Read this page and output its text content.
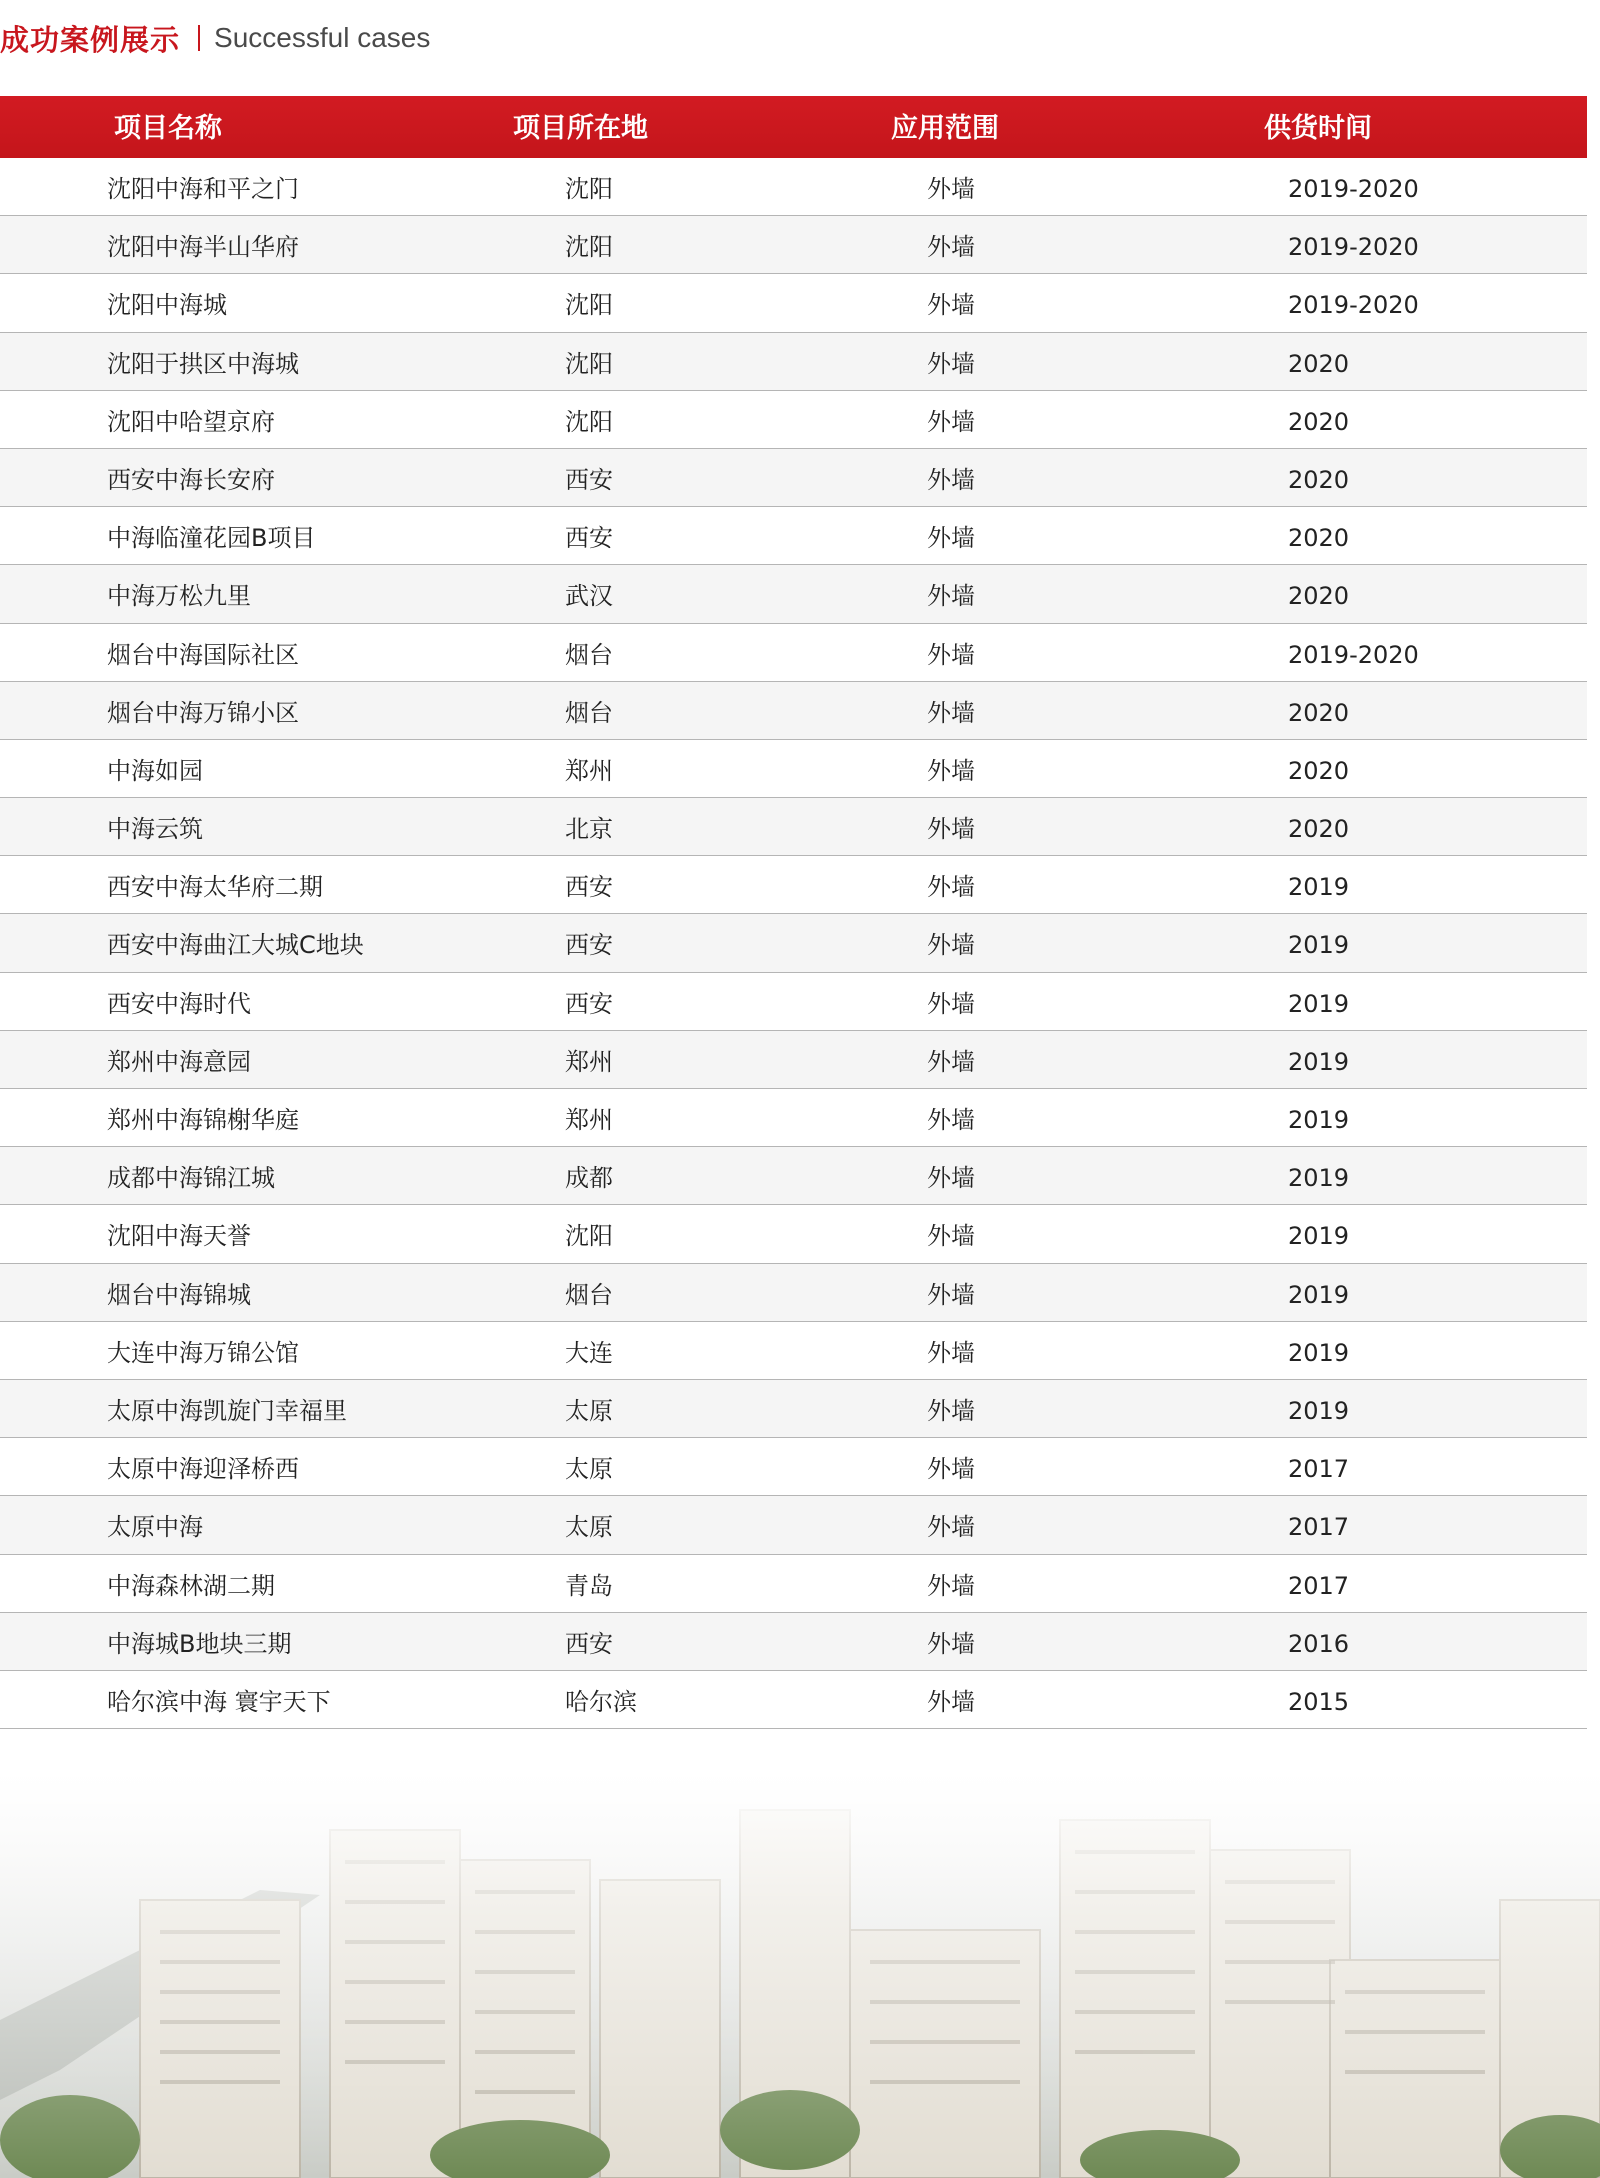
成功案例展示 Successful cases
项目名称	项目所在地	应用范围	供货时间
沈阳中海和平之门	沈阳	外墙	2019-2020
沈阳中海半山华府	沈阳	外墙	2019-2020
沈阳中海城	沈阳	外墙	2019-2020
沈阳于拱区中海城	沈阳	外墙	2020
沈阳中哈望京府	沈阳	外墙	2020
西安中海长安府	西安	外墙	2020
中海临潼花园B项目	西安	外墙	2020
中海万松九里	武汉	外墙	2020
烟台中海国际社区	烟台	外墙	2019-2020
烟台中海万锦小区	烟台	外墙	2020
中海如园	郑州	外墙	2020
中海云筑	北京	外墙	2020
西安中海太华府二期	西安	外墙	2019
西安中海曲江大城C地块	西安	外墙	2019
西安中海时代	西安	外墙	2019
郑州中海意园	郑州	外墙	2019
郑州中海锦榭华庭	郑州	外墙	2019
成都中海锦江城	成都	外墙	2019
沈阳中海天誉	沈阳	外墙	2019
烟台中海锦城	烟台	外墙	2019
大连中海万锦公馆	大连	外墙	2019
太原中海凯旋门幸福里	太原	外墙	2019
太原中海迎泽桥西	太原	外墙	2017
太原中海	太原	外墙	2017
中海森林湖二期	青岛	外墙	2017
中海城B地块三期	西安	外墙	2016
哈尔滨中海 寰宇天下	哈尔滨	外墙	2015
